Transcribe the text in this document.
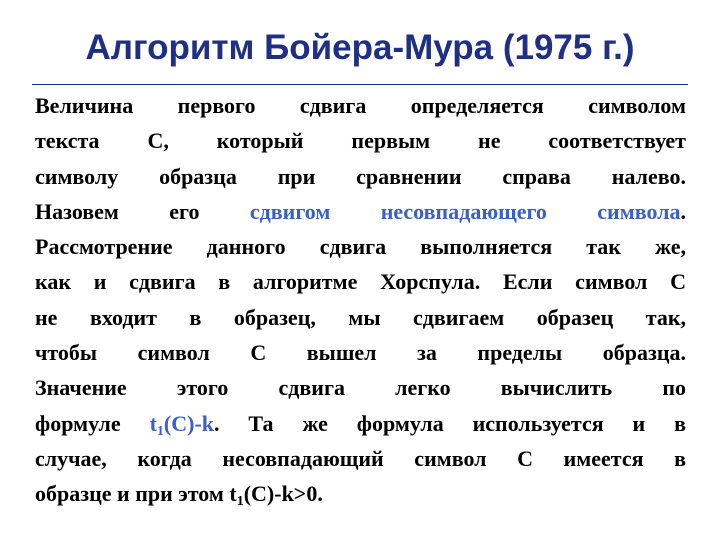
Алгоритм Бойера-Мура (1975 г.)
Величина первого сдвига определяется символом
текста С, который первым не соответствует
символу образца при сравнении справа налево.
Назовем его сдвигом несовпадающего символа.
Рассмотрение данного сдвига выполняется так же,
как и сдвига в алгоритме Хорспула. Если символ С
не входит в образец, мы сдвигаем образец так,
чтобы символ С вышел за пределы образца.
Значение этого сдвига легко вычислить по
формуле $t_1(C)-k$. Та же формула используется и в
случае, когда несовпадающий символ С имеется в
образце и при этом $t_1(C)-k>0$.
